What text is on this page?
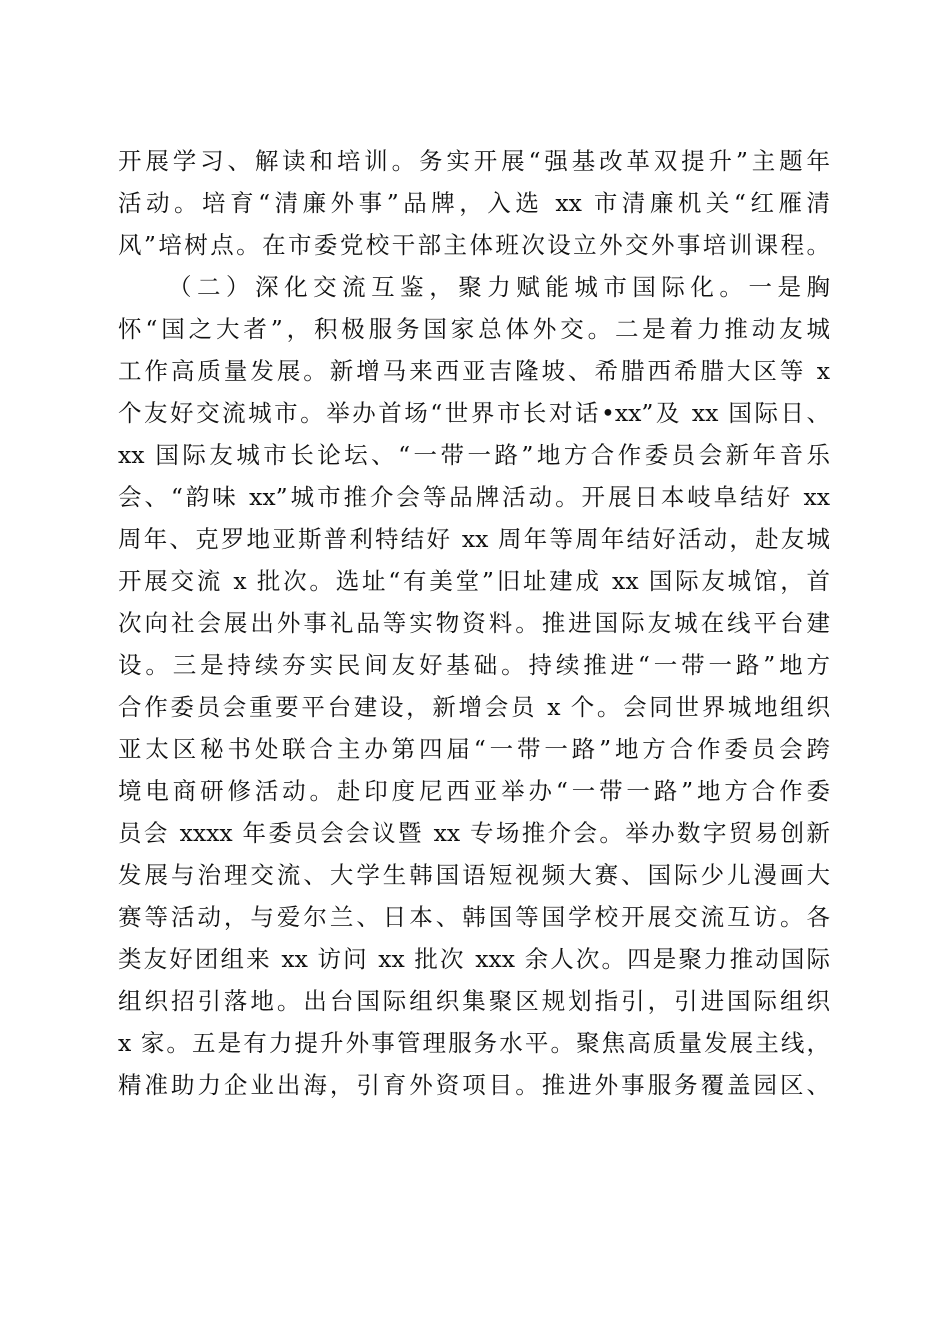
开展学习、解读和培训。务实开展“强基改革双提升”主题年
活动。培育“清廉外事”品牌，入选 xx 市清廉机关“红雁清
风”培树点。在市委党校干部主体班次设立外交外事培训课程。
（二）深化交流互鉴，聚力赋能城市国际化。一是胸
怀“国之大者”，积极服务国家总体外交。二是着力推动友城
工作高质量发展。新增马来西亚吉隆坡、希腊西希腊大区等 x
个友好交流城市。举办首场“世界市长对话•xx”及 xx 国际日、
xx 国际友城市长论坛、“一带一路”地方合作委员会新年音乐
会、“韵味 xx”城市推介会等品牌活动。开展日本岐阜结好 xx
周年、克罗地亚斯普利特结好 xx 周年等周年结好活动，赴友城
开展交流 x 批次。选址“有美堂”旧址建成 xx 国际友城馆，首
次向社会展出外事礼品等实物资料。推进国际友城在线平台建
设。三是持续夯实民间友好基础。持续推进“一带一路”地方
合作委员会重要平台建设，新增会员 x 个。会同世界城地组织
亚太区秘书处联合主办第四届“一带一路”地方合作委员会跨
境电商研修活动。赴印度尼西亚举办“一带一路”地方合作委
员会 xxxx 年委员会会议暨 xx 专场推介会。举办数字贸易创新
发展与治理交流、大学生韩国语短视频大赛、国际少儿漫画大
赛等活动，与爱尔兰、日本、韩国等国学校开展交流互访。各
类友好团组来 xx 访问 xx 批次 xxx 余人次。四是聚力推动国际
组织招引落地。出台国际组织集聚区规划指引，引进国际组织
x 家。五是有力提升外事管理服务水平。聚焦高质量发展主线，
精准助力企业出海，引育外资项目。推进外事服务覆盖园区、
